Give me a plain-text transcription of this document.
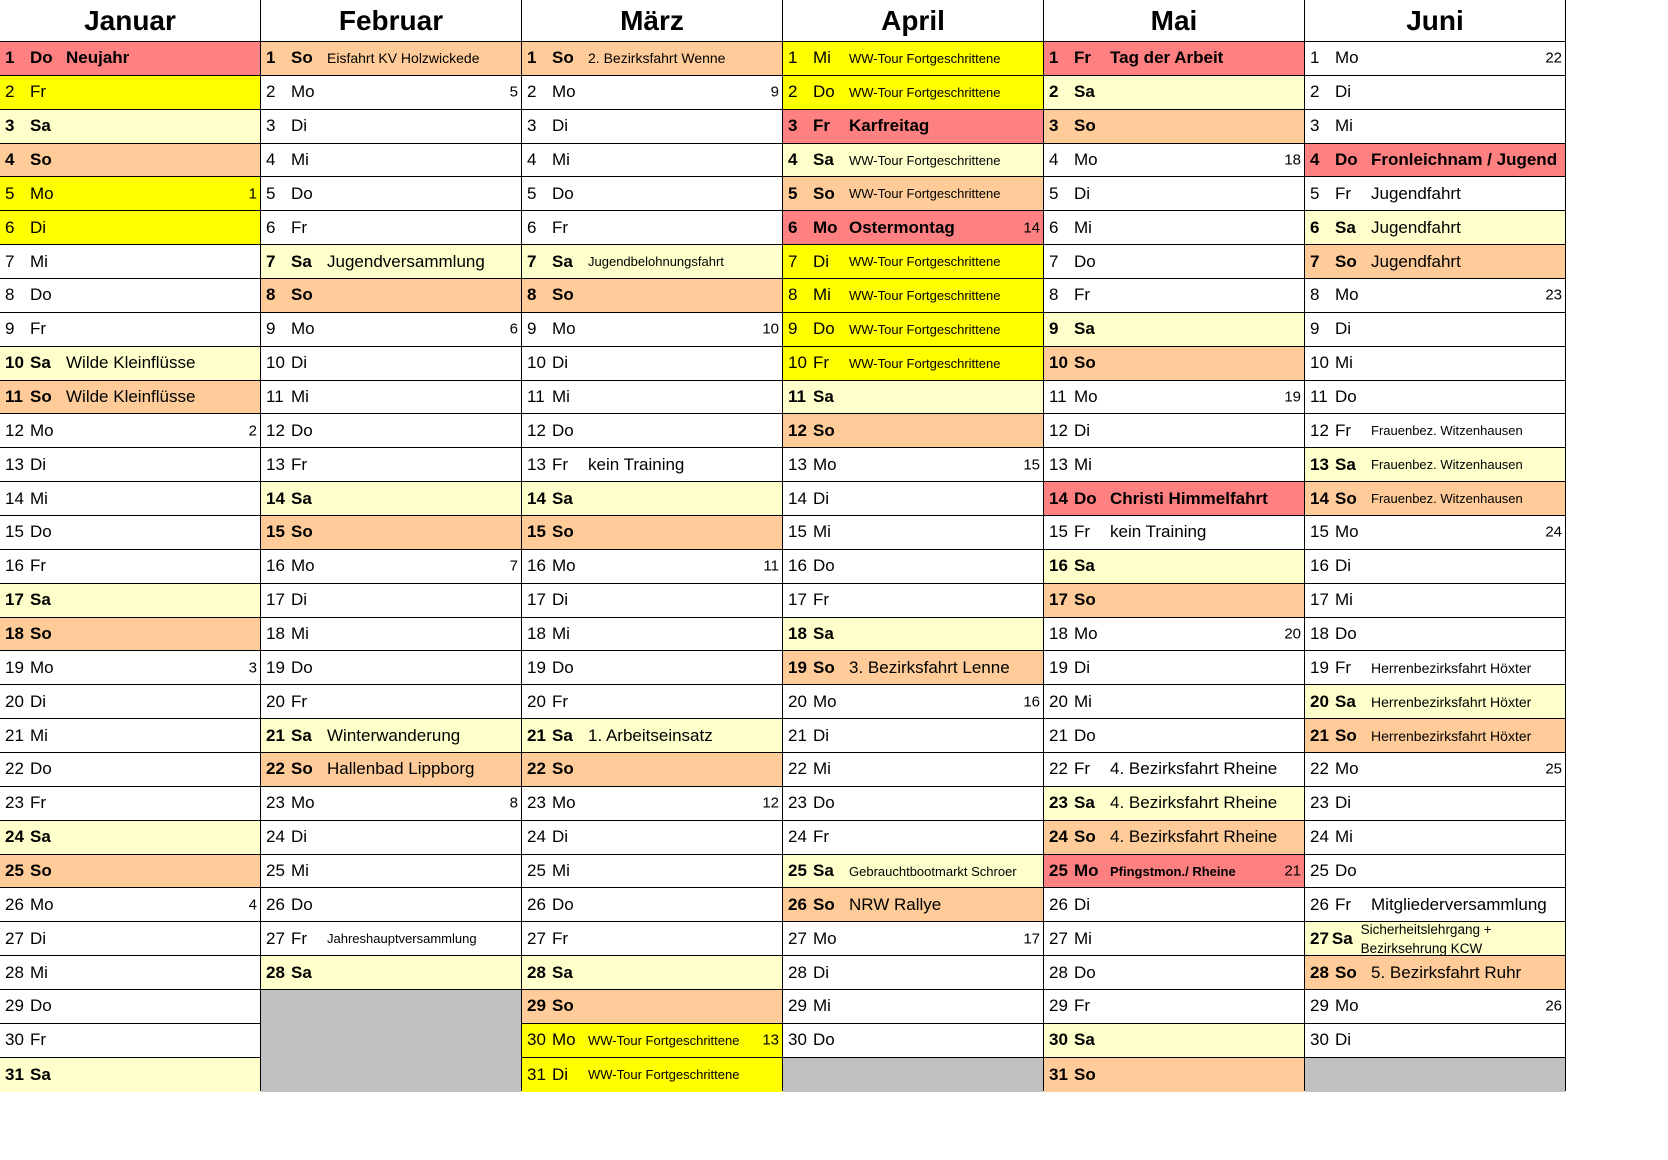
Januar
1 Do Neujahr
2 Fr
3 Sa
4 So
5 Mo	1
6 Di
7 Mi
8 Do
9 Fr
10 Sa Wilde Kleinflüsse
11 So Wilde Kleinflüsse
12 Mo	2
13 Di
14 Mi
15 Do
16 Fr
17 Sa
18 So
19 Mo	3
20 Di
21 Mi
22 Do
23 Fr
24 Sa
25 So
26 Mo	4
27 Di
28 Mi
29 Do
30 Fr
31 Sa
Februar
1 So	Eisfahrt KV Holzwickede
2 Mo	5
3 Di
4 Mi
5 Do
6 Fr
7 Sa Jugendversammlung
8 So
9 Mo	6
10 Di
11 Mi
12 Do
13 Fr
14 Sa
15 So
16 Mo	7
17 Di
18 Mi
19 Do
20 Fr
21 Sa Winterwanderung
22 So Hallenbad Lippborg
23 Mo	8
24 Di
25 Mi
26 Do
27 Fr	Jahreshauptversammlung
28 Sa
März
1 So	2. Bezirksfahrt Wenne
2 Mo	9
3 Di
4 Mi
5 Do
6 Fr
7 Sa	Jugendbelohnungsfahrt
8 So
9 Mo	10
10 Di
11 Mi
12 Do
13 Fr	kein Training
14 Sa
15 So
16 Mo	11
17 Di
18 Mi
19 Do
20 Fr
21 Sa 1. Arbeitseinsatz
22 So
23 Mo	12
24 Di
25 Mi
26 Do
27 Fr
28 Sa
29 So
30 Mo WW-Tour Fortgeschrittene 13
31 Di	WW-Tour Fortgeschrittene
April
1 Mi	WW-Tour Fortgeschrittene
2 Do	WW-Tour Fortgeschrittene
3 Fr	Karfreitag
4 Sa	WW-Tour Fortgeschrittene
5 So	WW-Tour Fortgeschrittene
6 Mo Ostermontag	14
7 Di	WW-Tour Fortgeschrittene
8 Mi	WW-Tour Fortgeschrittene
9 Do	WW-Tour Fortgeschrittene
10 Fr	WW-Tour Fortgeschrittene
11 Sa
12 So
13 Mo	15
14 Di
15 Mi
16 Do
17 Fr
18 Sa
19 So 3. Bezirksfahrt Lenne
20 Mo	16
21 Di
22 Mi
23 Do
24 Fr
25 Sa	Gebrauchtbootmarkt Schroer
26 So NRW Rallye
27 Mo	17
28 Di
29 Mi
30 Do
Mai
1 Fr	Tag der Arbeit
2 Sa
3 So
4 Mo	18
5 Di
6 Mi
7 Do
8 Fr
9 Sa
10 So
11 Mo	19
12 Di
13 Mi
14 Do Christi Himmelfahrt
15 Fr	kein Training
16 Sa
17 So
18 Mo	20
19 Di
20 Mi
21 Do
22 Fr	4. Bezirksfahrt Rheine
23 Sa 4. Bezirksfahrt Rheine
24 So 4. Bezirksfahrt Rheine
25 Mo Pfingstmon./ Rheine	21
26 Di
27 Mi
28 Do
29 Fr
30 Sa
31 So
Juni
1 Mo	22
2 Di
3 Mi
4 Do Fronleichnam / Jugend
5 Fr	Jugendfahrt
6 Sa Jugendfahrt
7 So Jugendfahrt
8 Mo	23
9 Di
10 Mi
11 Do
12 Fr	Frauenbez. Witzenhausen
13 Sa	Frauenbez. Witzenhausen
14 So	Frauenbez. Witzenhausen
15 Mo	24
16 Di
17 Mi
18 Do
19 Fr	Herrenbezirksfahrt Höxter
20 Sa	Herrenbezirksfahrt Höxter
21 So	Herrenbezirksfahrt Höxter
22 Mo	25
23 Di
24 Mi
25 Do
26 Fr	Mitgliederversammlung
27 Sa Sicherheitslehrgang + Bezirksehrung KCW
28 So 5. Bezirksfahrt Ruhr
29 Mo	26
30 Di
